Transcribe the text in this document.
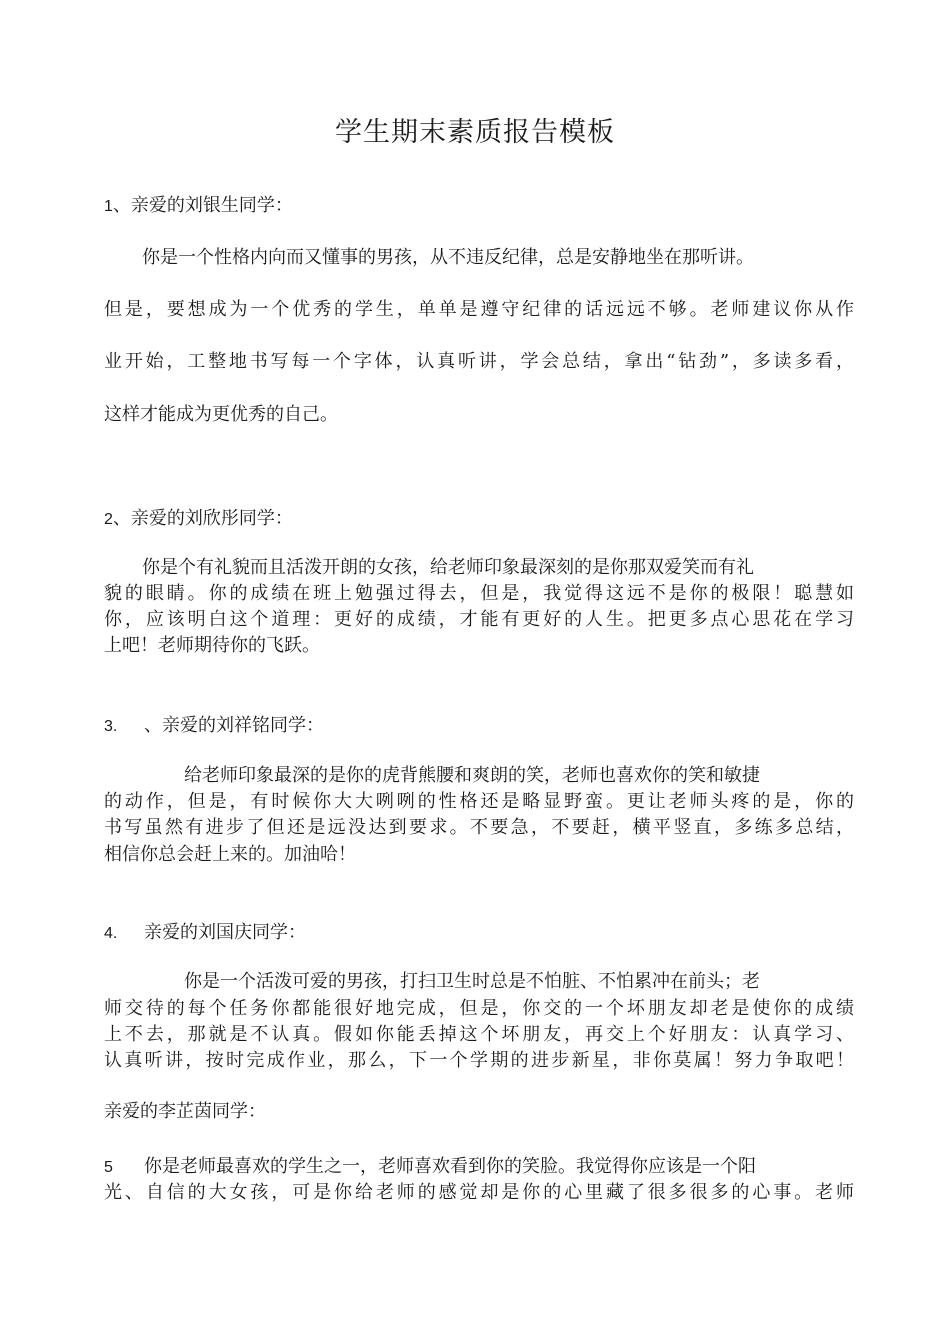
学生期末素质报告模板
1、亲爱的刘银生同学：
你是一个性格内向而又懂事的男孩，从不违反纪律，总是安静地坐在那听讲。
但是，要想成为一个优秀的学生，单单是遵守纪律的话远远不够。老师建议你从作
业开始，工整地书写每一个字体，认真听讲，学会总结，拿出“钻劲”，多读多看，
这样才能成为更优秀的自己。
2、亲爱的刘欣彤同学：
你是个有礼貌而且活泼开朗的女孩，给老师印象最深刻的是你那双爱笑而有礼
貌的眼睛。你的成绩在班上勉强过得去，但是，我觉得这远不是你的极限！聪慧如
你，应该明白这个道理：更好的成绩，才能有更好的人生。把更多点心思花在学习
上吧！老师期待你的飞跃。
3. 、亲爱的刘祥铭同学：
给老师印象最深的是你的虎背熊腰和爽朗的笑，老师也喜欢你的笑和敏捷
的动作，但是，有时候你大大咧咧的性格还是略显野蛮。更让老师头疼的是，你的
书写虽然有进步了但还是远没达到要求。不要急，不要赶，横平竖直，多练多总结，
相信你总会赶上来的。加油哈！
4. 亲爱的刘国庆同学：
你是一个活泼可爱的男孩，打扫卫生时总是不怕脏、不怕累冲在前头；老
师交待的每个任务你都能很好地完成，但是，你交的一个坏朋友却老是使你的成绩
上不去，那就是不认真。假如你能丢掉这个坏朋友，再交上个好朋友：认真学习、
认真听讲，按时完成作业，那么，下一个学期的进步新星，非你莫属！努力争取吧！
亲爱的李芷茵同学：
5 你是老师最喜欢的学生之一，老师喜欢看到你的笑脸。我觉得你应该是一个阳
光、自信的大女孩，可是你给老师的感觉却是你的心里藏了很多很多的心事。老师
